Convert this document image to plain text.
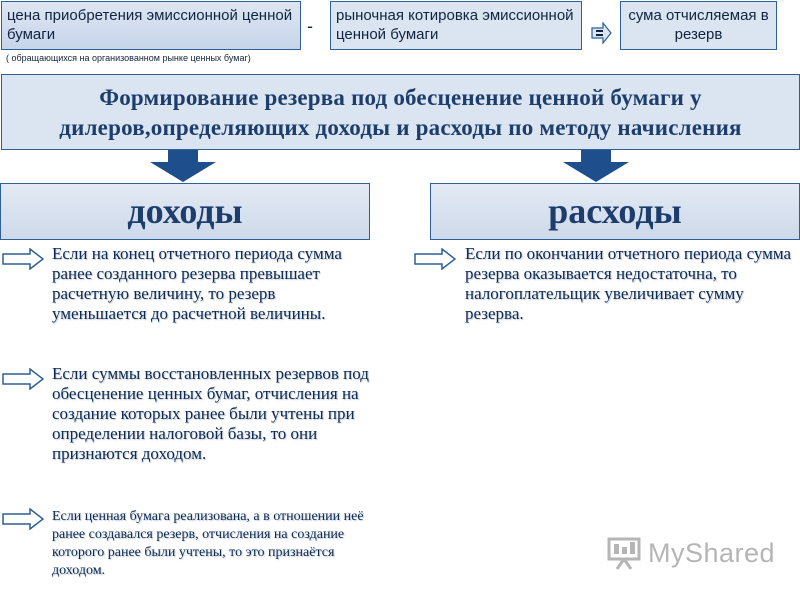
цена приобретения эмиссионной ценной бумаги	-
рыночная котировка эмиссионной ценной бумаги
сума отчисляемая в резерв
( обращающихся на организованном рынке ценных бумаг)
Формирование резерва под обесценение ценной бумаги у дилеров,определяющих доходы и расходы по методу начисления
доходы	расходы
Если на конец отчетного периода сумма ранее созданного резерва превышает расчетную величину, то резерв уменьшается до расчетной величины.
Если суммы восстановленных резервов под обесценение ценных бумаг, отчисления на создание которых ранее были учтены при определении налоговой базы, то они признаются доходом.
Если ценная бумага реализована, а в отношении неё ранее создавался резерв, отчисления на создание которого ранее были учтены, то это признаётся доходом.
Если по окончании отчетного периода сумма резерва оказывается недостаточна, то налогоплательщик увеличивает сумму резерва.
MyShared
